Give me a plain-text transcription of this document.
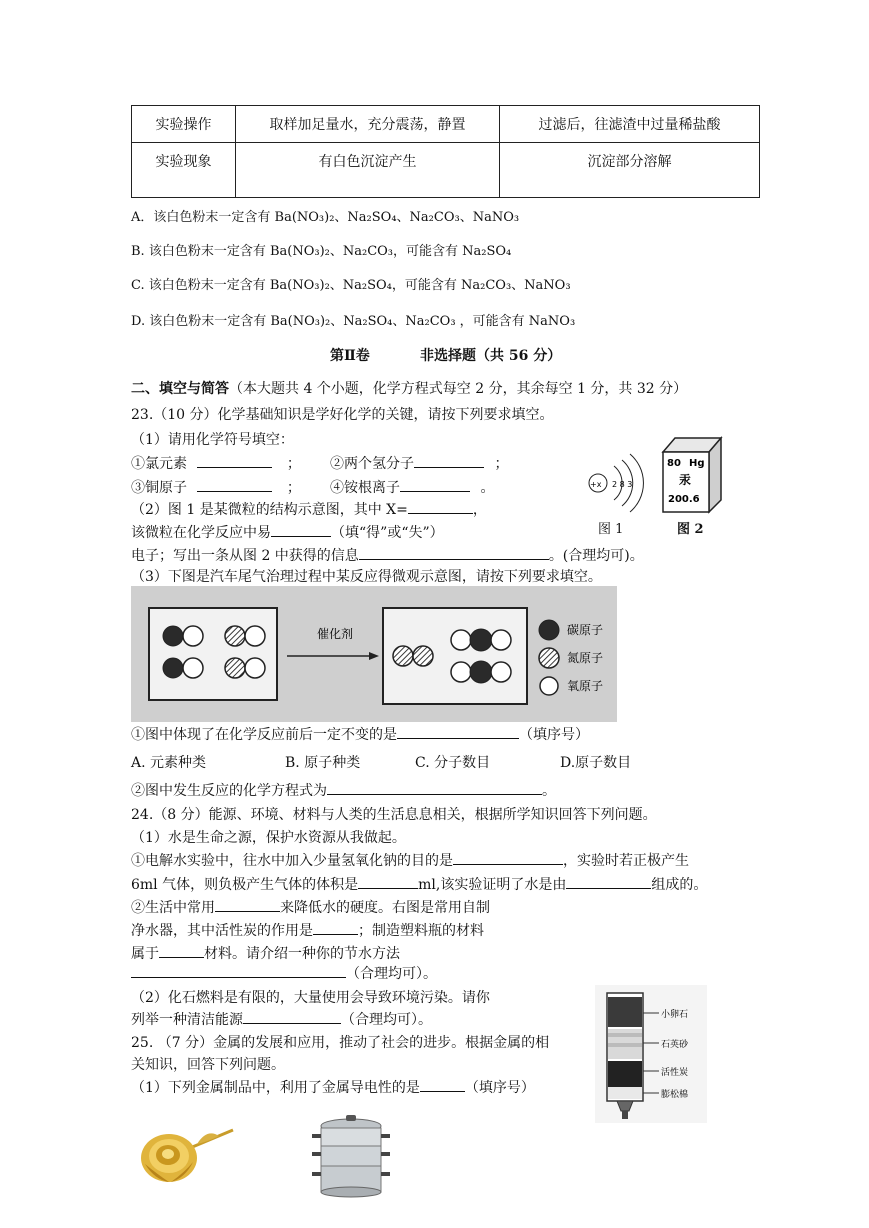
实验操作	取样加足量水，充分震荡，静置	过滤后，往滤渣中过量稀盐酸
实验现象	有白色沉淀产生	沉淀部分溶解
A．该白色粉末一定含有 Ba(NO₃)₂、Na₂SO₄、Na₂CO₃、NaNO₃
B. 该白色粉末一定含有 Ba(NO₃)₂、Na₂CO₃，可能含有 Na₂SO₄
C. 该白色粉末一定含有 Ba(NO₃)₂、Na₂SO₄，可能含有 Na₂CO₃、NaNO₃
D. 该白色粉末一定含有 Ba(NO₃)₂、Na₂SO₄、Na₂CO₃ ，可能含有 NaNO₃
第Ⅱ卷	非选择题（共 56 分）
二、填空与简答（本大题共 4 个小题，化学方程式每空 2 分，其余每空 1 分，共 32 分）
23.（10 分）化学基础知识是学好化学的关键，请按下列要求填空。
（1）请用化学符号填空：
①氯元素	； ②两个氢分子	；
③铜原子	； ④铵根离子	。
（2）图 1 是某微粒的结构示意图，其中 X=	，
该微粒在化学反应中易	（填“得”或“失”）
电子；写出一条从图 2 中获得的信息	。(合理均可)。
+x 2 8 3
图 1
80 Hg
汞
200.6
图 2
（3）下图是汽车尾气治理过程中某反应得微观示意图，请按下列要求填空。
催化剂	碳原子
氮原子
氧原子
①图中体现了在化学反应前后一定不变的是	（填序号）
A. 元素种类	B. 原子种类	C. 分子数目	D.原子数目
②图中发生反应的化学方程式为	。
24.（8 分）能源、环境、材料与人类的生活息息相关，根据所学知识回答下列问题。
（1）水是生命之源，保护水资源从我做起。
①电解水实验中，往水中加入少量氢氧化钠的目的是	，实验时若正极产生
6ml 气体，则负极产生气体的体积是	ml,该实验证明了水是由	组成的。
②生活中常用	来降低水的硬度。右图是常用自制
净水器，其中活性炭的作用是	；制造塑料瓶的材料
属于	材料。请介绍一种你的节水方法
（合理均可）。
（2）化石燃料是有限的，大量使用会导致环境污染。请你
列举一种清洁能源	（合理均可）。	小卵石
石英砂
活性炭
膨松棉
25. （7 分）金属的发展和应用，推动了社会的进步。根据金属的相
关知识，回答下列问题。
（1）下列金属制品中，利用了金属导电性的是	（填序号）
